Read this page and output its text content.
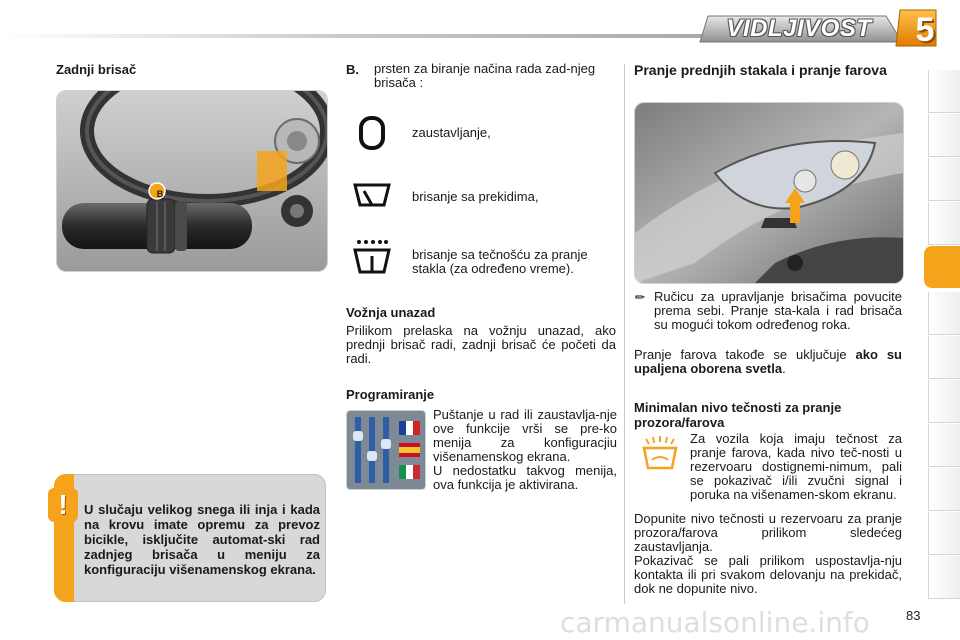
VIDLJIVOST 5
Zadnji brisač
B
!	U slučaju velikog snega ili inja i kada na krovu imate opremu za prevoz bicikle, isključite automat-ski rad zadnjeg brisača u meniju za konfiguraciju višenamenskog ekrana.
B. prsten za biranje načina rada zad-njeg brisača :
zaustavljanje,
brisanje sa prekidima,
brisanje sa tečnošću za pranje stakla (za određeno vreme).
Vožnja unazad
Prilikom prelaska na vožnju unazad, ako prednji brisač radi, zadnji brisač će početi da radi.
Programiranje
Puštanje u rad ili zaustavlja-nje ove funkcije vrši se pre-ko menija za konfiguracjiu višenamenskog ekrana.
U nedostatku takvog menija, ova funkcija je aktivirana.
Pranje prednjih stakala i pranje farova
Ručicu za upravljanje brisačima povucite prema sebi. Pranje sta-kala i rad brisača su mogući tokom određenog roka.
Pranje farova takođe se uključuje ako su upaljena oborena svetla.
Minimalan nivo tečnosti za pranje prozora/farova
Za vozila koja imaju tečnost za pranje farova, kada nivo teč-nosti u rezervoaru dostignemi-nimum, pali se pokazivač i/ili zvučni signal i poruka na višenamen-skom ekranu.
Dopunite nivo tečnosti u rezervoaru za pranje prozora/farova prilikom sledećeg zaustavljanja.
Pokazivač se pali prilikom uspostavlja-nju kontakta ili pri svakom delovanju na prekidač, dok ne dopunite nivo.
carmanualsonline.info	83
